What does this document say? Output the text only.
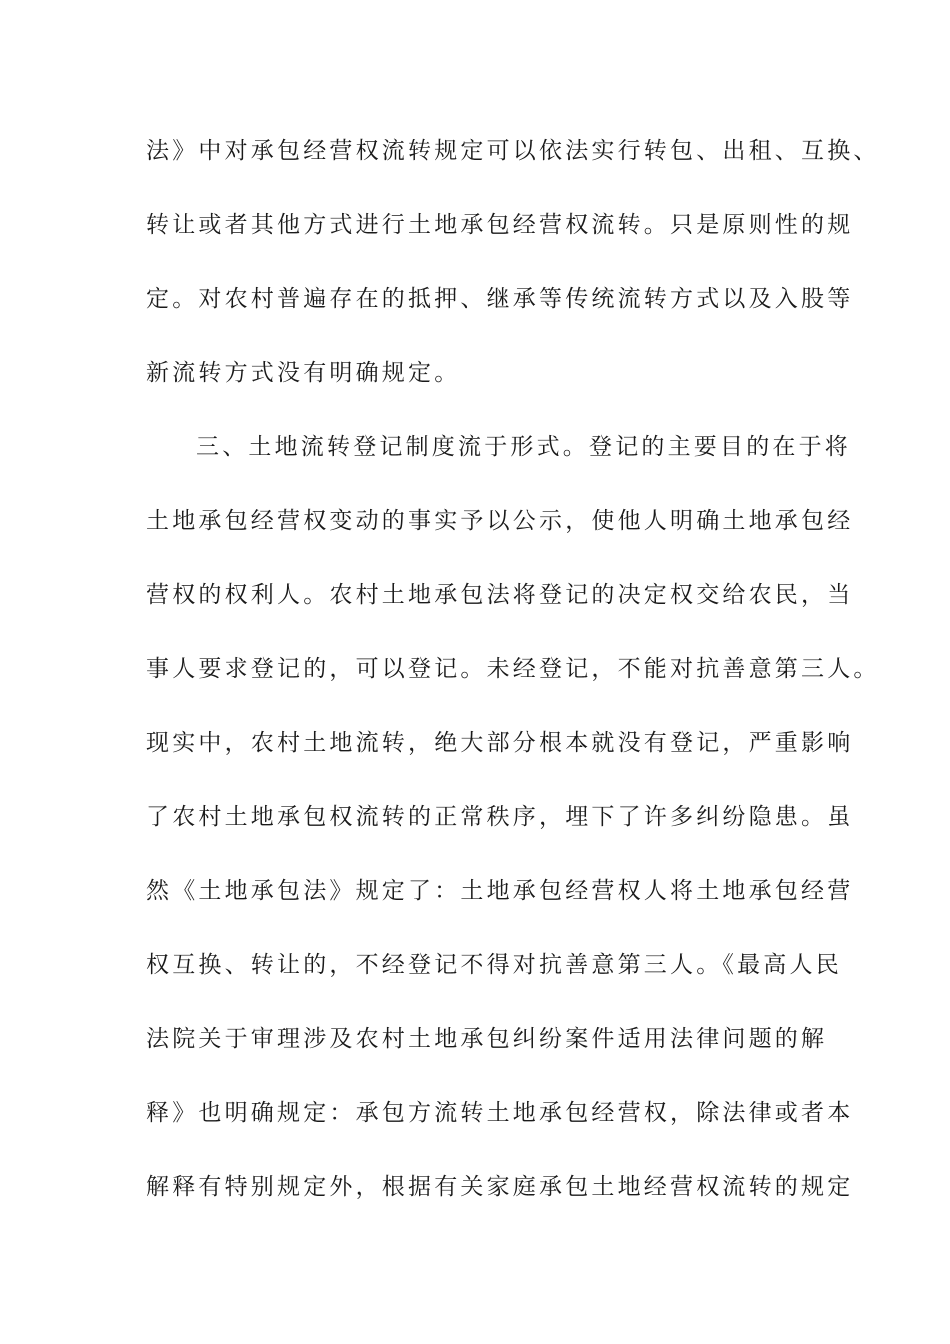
法》中对承包经营权流转规定可以依法实行转包、出租、互换、
转让或者其他方式进行土地承包经营权流转。只是原则性的规
定。对农村普遍存在的抵押、继承等传统流转方式以及入股等
新流转方式没有明确规定。
三、土地流转登记制度流于形式。登记的主要目的在于将
土地承包经营权变动的事实予以公示，使他人明确土地承包经
营权的权利人。农村土地承包法将登记的决定权交给农民，当
事人要求登记的，可以登记。未经登记，不能对抗善意第三人。
现实中，农村土地流转，绝大部分根本就没有登记，严重影响
了农村土地承包权流转的正常秩序，埋下了许多纠纷隐患。虽
然《土地承包法》规定了：土地承包经营权人将土地承包经营
权互换、转让的，不经登记不得对抗善意第三人。《最高人民
法院关于审理涉及农村土地承包纠纷案件适用法律问题的解
释》也明确规定：承包方流转土地承包经营权，除法律或者本
解释有特别规定外，根据有关家庭承包土地经营权流转的规定
